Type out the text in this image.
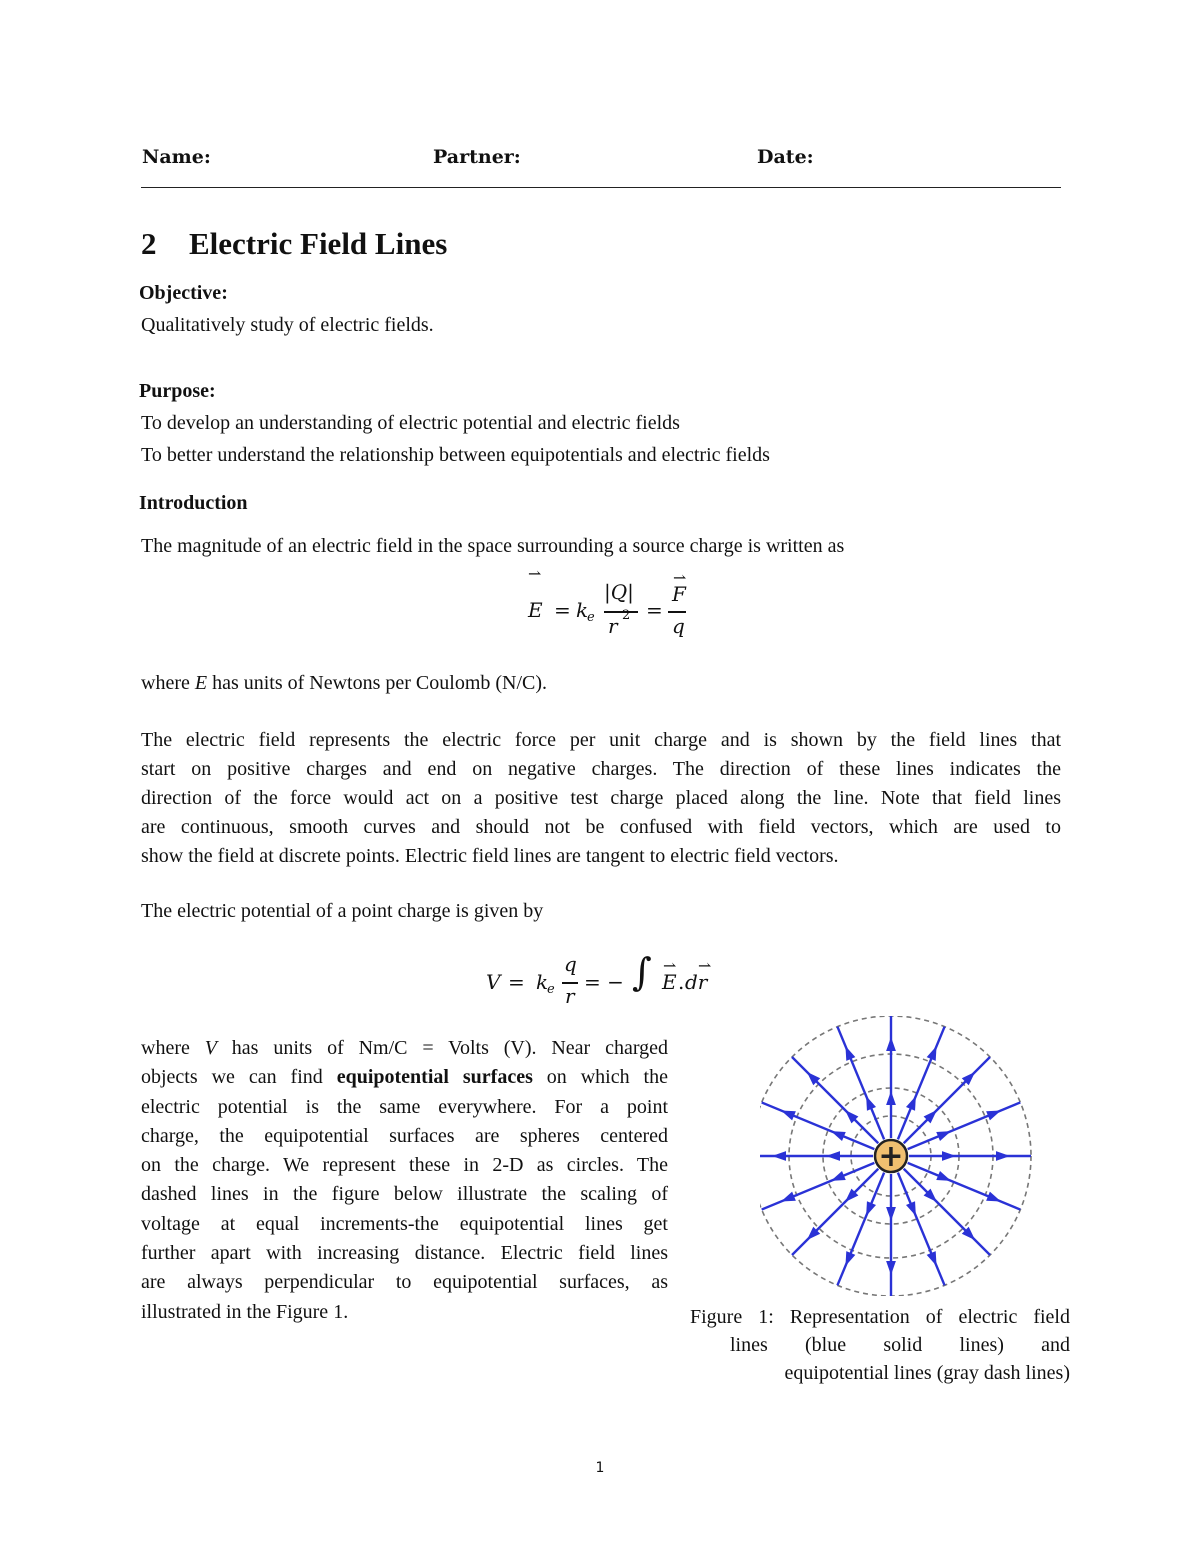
Name:	Partner:	Date:
2 Electric Field Lines
Objective:
Qualitatively study of electric fields.
Purpose:
To develop an understanding of electric potential and electric fields
To better understand the relationship between equipotentials and electric fields
Introduction
The magnitude of an electric field in the space surrounding a source charge is written as
⇀
E = k
e
|Q|
r 2 =
⇀
F
q
where E has units of Newtons per Coulomb (N/C).

The electric field represents the electric force per unit charge and is shown by the field lines that

start on positive charges and end on negative charges. The direction of these lines indicates the

direction of the force would act on a positive test charge placed along the line. Note that field lines

are continuous, smooth curves and should not be confused with field vectors, which are used to

show the field at discrete points. Electric field lines are tangent to electric field vectors.

The electric potential of a point charge is given by
V = k
e
q
r
= − ∫ ⇀
E .
⇀
dr

where V has units of Nm/C = Volts (V). Near charged

objects we can find equipotential surfaces on which the

electric potential is the same everywhere. For a point

charge, the equipotential surfaces are spheres centered

on the charge. We represent these in 2-D as circles. The

dashed lines in the figure below illustrate the scaling of

voltage at equal increments-the equipotential lines get

further apart with increasing distance. Electric field lines

are always perpendicular to equipotential surfaces, as

illustrated in the Figure 1.

+

Figure 1: Representation of electric field

lines (blue solid lines) and

equipotential lines (gray dash lines)

1
